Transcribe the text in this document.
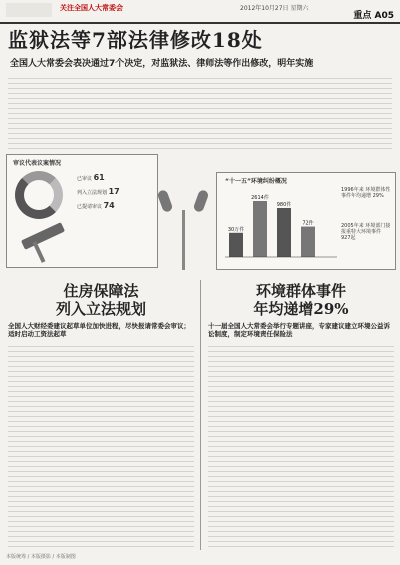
关注全国人大常委会	2012年10月27日 星期六
重点 A05
监狱法等7部法律修改18处
全国人大常委会表决通过7个决定，对监狱法、律师法等作出修改，明年实施
审议代表议案情况
已审议 61
列入立法规划 17
已提请审议 74
“十一五”环境纠纷概况
30万件
2614件
980件
72件
1996年来 环境群体性事件年均递增 29%
2005年来 环境部门接报重特大环境事件 927起
住房保障法
列入立法规划
全国人大财经委建议起草单位加快进程，尽快报请常委会审议；适时启动工资法起草
环境群体事件
年均递增29%
十一届全国人大常委会举行专题讲座，专家建议建立环境公益诉讼制度，制定环境责任保险法
本版统筹 / 本版摄影 / 本版制图
